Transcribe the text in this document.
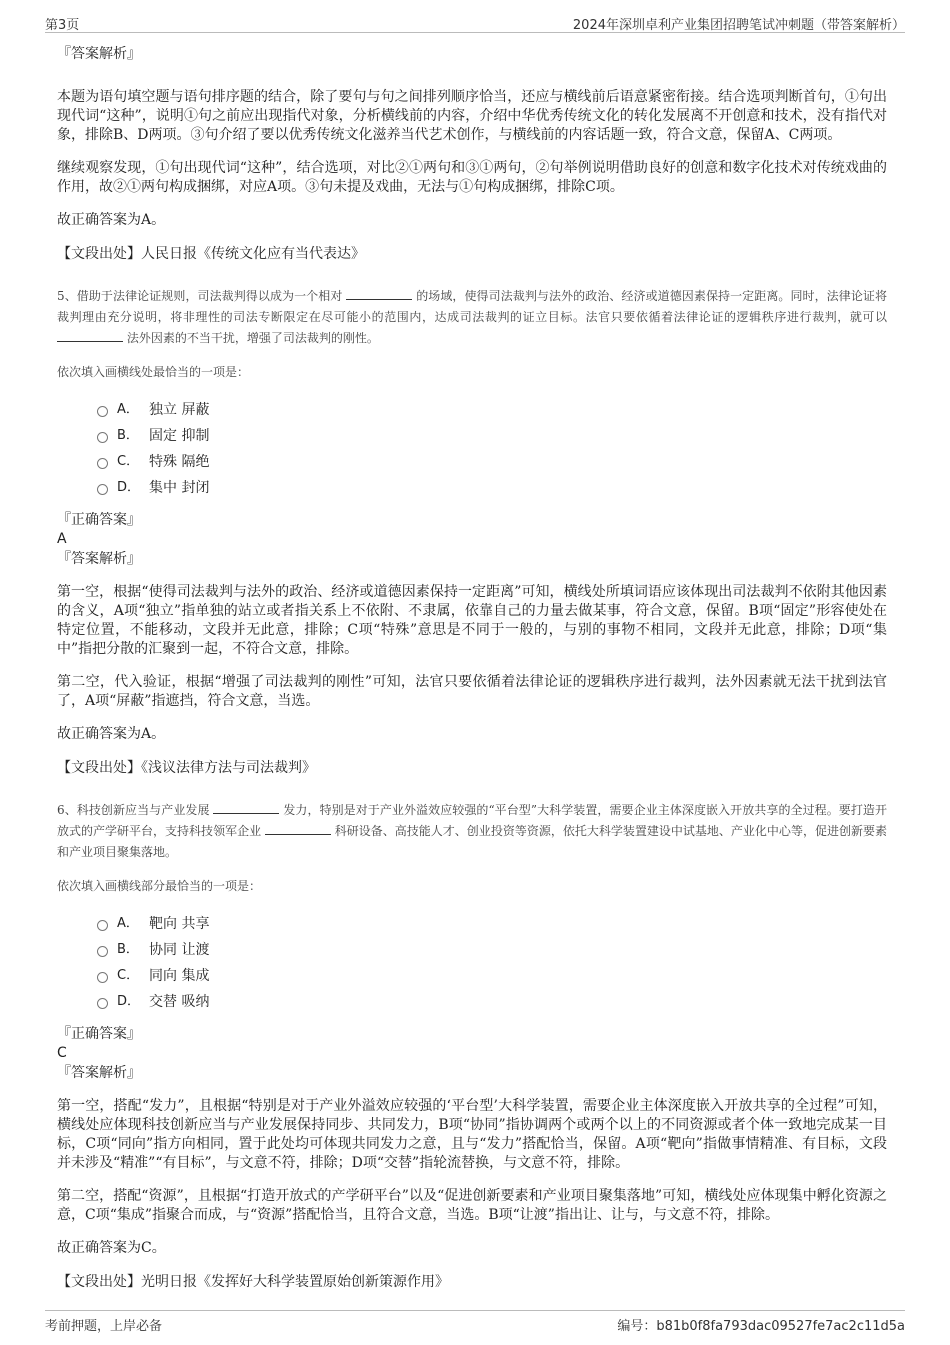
第3页	2024年深圳卓利产业集团招聘笔试冲刺题（带答案解析）
『答案解析』

本题为语句填空题与语句排序题的结合，除了要句与句之间排列顺序恰当，还应与横线前后语意紧密衔接。结合选项判断首句，①句出现代词“这种”，说明①句之前应出现指代对象，分析横线前的内容，介绍中华优秀传统文化的转化发展离不开创意和技术，没有指代对象，排除B、D两项。③句介绍了要以优秀传统文化滋养当代艺术创作，与横线前的内容话题一致，符合文意，保留A、C两项。

继续观察发现，①句出现代词“这种”，结合选项，对比②①两句和③①两句，②句举例说明借助良好的创意和数字化技术对传统戏曲的作用，故②①两句构成捆绑，对应A项。③句未提及戏曲，无法与①句构成捆绑，排除C项。

故正确答案为A。

【文段出处】人民日报《传统文化应有当代表达》
5、借助于法律论证规则，司法裁判得以成为一个相对	的场域，使得司法裁判与法外的政治、经济或道德因素保持一定距离。同时，法律论证将裁判理由充分说明，将非理性的司法专断限定在尽可能小的范围内，达成司法裁判的证立目标。法官只要依循着法律论证的逻辑秩序进行裁判，就可以  法外因素的不当干扰，增强了司法裁判的刚性。
依次填入画横线处最恰当的一项是：
A． 独立 屏蔽
B． 固定 抑制
C． 特殊 隔绝
D． 集中 封闭
『正确答案』
A
『答案解析』

第一空，根据“使得司法裁判与法外的政治、经济或道德因素保持一定距离”可知，横线处所填词语应该体现出司法裁判不依附其他因素的含义，A项“独立”指单独的站立或者指关系上不依附、不隶属，依靠自己的力量去做某事，符合文意，保留。B项“固定”形容使处在特定位置，不能移动，文段并无此意，排除；C项“特殊”意思是不同于一般的，与别的事物不相同，文段并无此意，排除；D项“集中”指把分散的汇聚到一起，不符合文意，排除。

第二空，代入验证，根据“增强了司法裁判的刚性”可知，法官只要依循着法律论证的逻辑秩序进行裁判，法外因素就无法干扰到法官了，A项“屏蔽”指遮挡，符合文意，当选。

故正确答案为A。

【文段出处】《浅议法律方法与司法裁判》
6、科技创新应当与产业发展	发力，特别是对于产业外溢效应较强的“平台型”大科学装置，需要企业主体深度嵌入开放共享的全过程。要打造开放式的产学研平台，支持科技领军企业	科研设备、高技能人才、创业投资等资源，依托大科学装置建设中试基地、产业化中心等，促进创新要素和产业项目聚集落地。
依次填入画横线部分最恰当的一项是：
A． 靶向 共享
B． 协同 让渡
C． 同向 集成
D． 交替 吸纳
『正确答案』
C
『答案解析』

第一空，搭配“发力”，且根据“特别是对于产业外溢效应较强的‘平台型’大科学装置，需要企业主体深度嵌入开放共享的全过程”可知，横线处应体现科技创新应当与产业发展保持同步、共同发力，B项“协同”指协调两个或两个以上的不同资源或者个体一致地完成某一目标，C项“同向”指方向相同，置于此处均可体现共同发力之意，且与“发力”搭配恰当，保留。A项“靶向”指做事情精准、有目标，文段并未涉及“精准”“有目标”，与文意不符，排除；D项“交替”指轮流替换，与文意不符，排除。

第二空，搭配“资源”，且根据“打造开放式的产学研平台”以及“促进创新要素和产业项目聚集落地”可知，横线处应体现集中孵化资源之意，C项“集成”指聚合而成，与“资源”搭配恰当，且符合文意，当选。B项“让渡”指出让、让与，与文意不符，排除。

故正确答案为C。

【文段出处】光明日报《发挥好大科学装置原始创新策源作用》
考前押题，上岸必备	编号：b81b0f8fa793dac09527fe7ac2c11d5a
